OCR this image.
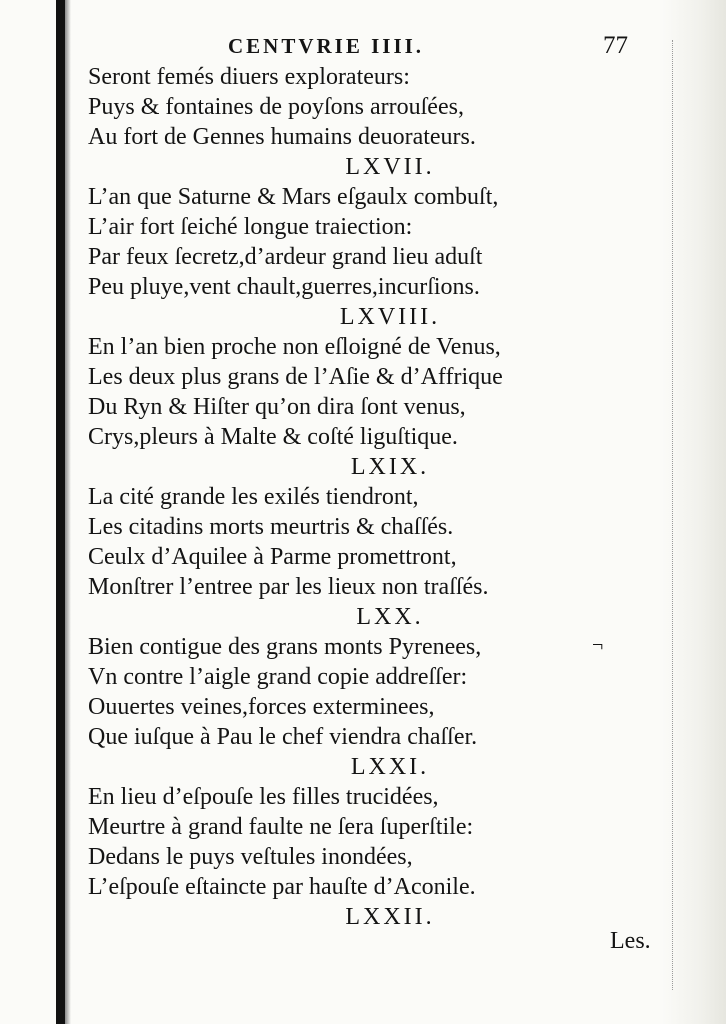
CENTVRIE IIII.	77
Seront femés diuers explorateurs:
Puys & fontaines de poyſons arrouſées,
Au fort de Gennes humains deuorateurs.
LXVII.
L’an que Saturne & Mars eſgaulx combuſt,
L’air fort ſeiché longue traiection:
Par feux ſecretz,d’ardeur grand lieu aduſt
Peu pluye,vent chault,guerres,incurſions.
LXVIII.
En l’an bien proche non eſloigné de Venus,
Les deux plus grans de l’Aſie & d’Affrique
Du Ryn & Hiſter qu’on dira ſont venus,
Crys,pleurs à Malte & coſté liguſtique.
LXIX.
La cité grande les exilés tiendront,
Les citadins morts meurtris & chaſſés.
Ceulx d’Aquilee à Parme promettront,
Monſtrer l’entree par les lieux non traſſés.
LXX.
Bien contigue des grans monts Pyrenees,
Vn contre l’aigle grand copie addreſſer:
Ouuertes veines,forces exterminees,
Que iuſque à Pau le chef viendra chaſſer.
LXXI.
En lieu d’eſpouſe les filles trucidées,
Meurtre à grand faulte ne ſera ſuperſtile:
Dedans le puys veſtules inondées,
L’eſpouſe eſtaincte par hauſte d’Aconile.
LXXII.
¬
Les.
